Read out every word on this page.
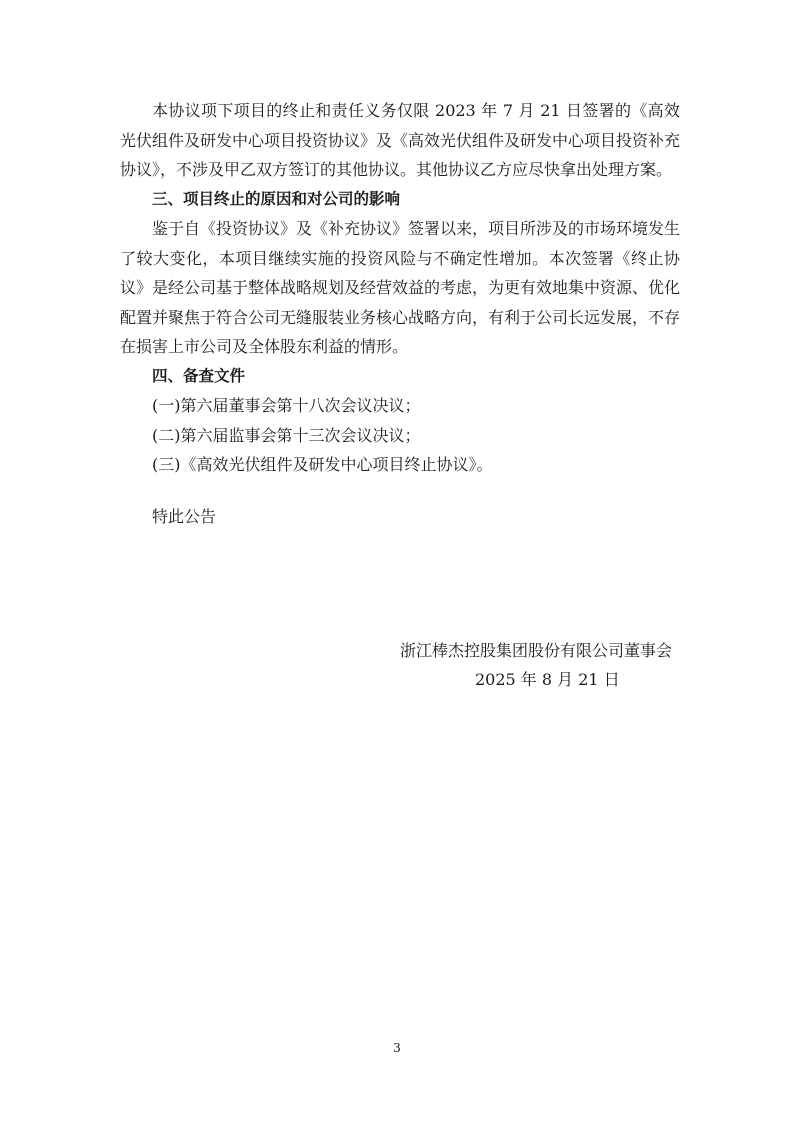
本协议项下项目的终止和责任义务仅限 2023 年 7 月 21 日签署的《高效光伏组件及研发中心项目投资协议》及《高效光伏组件及研发中心项目投资补充协议》，不涉及甲乙双方签订的其他协议。其他协议乙方应尽快拿出处理方案。

三、项目终止的原因和对公司的影响

鉴于自《投资协议》及《补充协议》签署以来，项目所涉及的市场环境发生了较大变化，本项目继续实施的投资风险与不确定性增加。本次签署《终止协议》是经公司基于整体战略规划及经营效益的考虑，为更有效地集中资源、优化配置并聚焦于符合公司无缝服装业务核心战略方向，有利于公司长远发展，不存在损害上市公司及全体股东利益的情形。

四、备查文件

(一)第六届董事会第十八次会议决议；

(二)第六届监事会第十三次会议决议；

(三)《高效光伏组件及研发中心项目终止协议》。

特此公告

浙江棒杰控股集团股份有限公司董事会

2025 年 8 月 21 日

3
